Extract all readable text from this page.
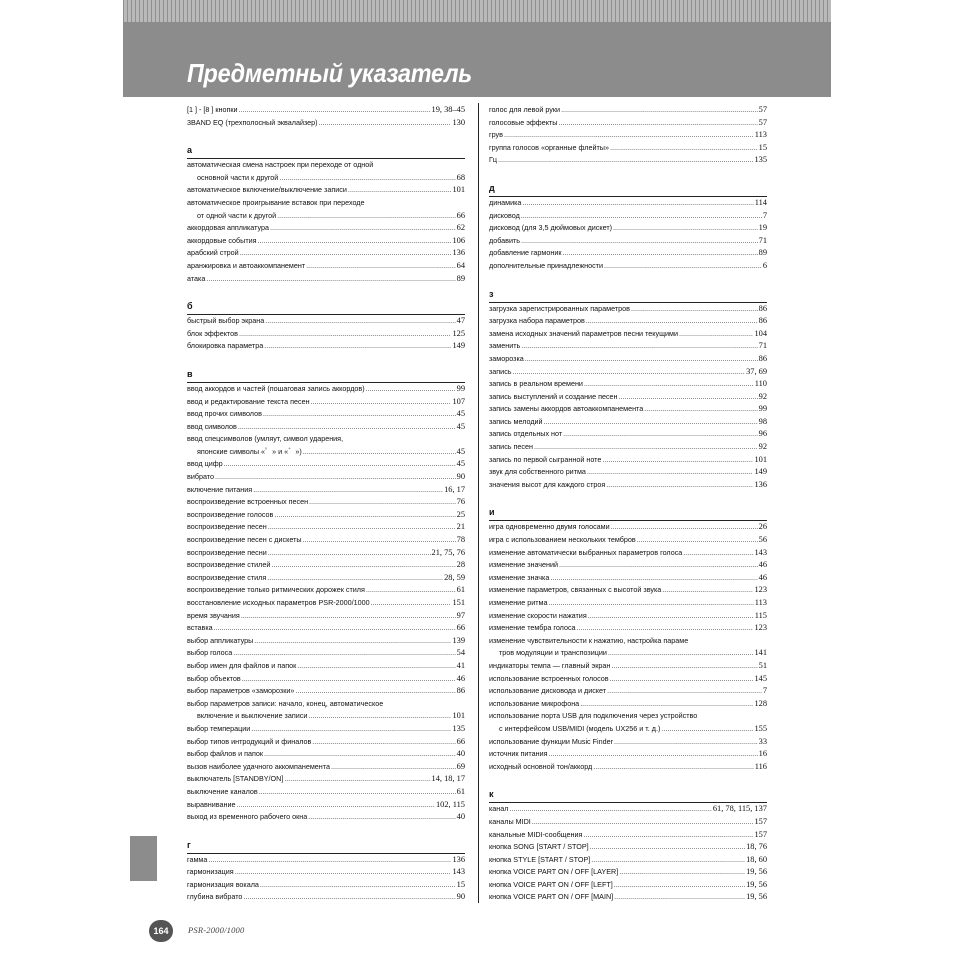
Предметный указатель
[1 ] - [8 ] кнопки .....	19, 38–45
3BAND EQ (трехполосный эквалайзер) .....	130
а
автоматическая смена настроек при переходе от одной
основной части к другой .....	68
автоматическое включение/выключение записи .....	101
автоматическое проигрывание вставок при переходе
от одной части к другой .....	66
аккордовая аппликатура .....	62
аккордовые события .....	106
арабский строй .....	136
аранжировка и автоаккомпанемент .....	64
атака .....	89
б
быстрый выбор экрана .....	47
блок эффектов .....	125
блокировка параметра .....	149
в
ввод аккордов и частей (пошаговая запись аккордов) .....	99
ввод и редактирование текста песен .....	107
ввод прочих символов .....	45
ввод символов .....	45
ввод спецсимволов (умляут, символ ударения,
японские символы «゜» и «゛») .....	45
ввод цифр .....	45
вибрато .....	90
включение питания .....	16, 17
воспроизведение встроенных песен .....	76
воспроизведение голосов .....	25
воспроизведение песен .....	21
воспроизведение песен с дискеты .....	78
воспроизведение песни .....	21, 75, 76
воспроизведение стилей .....	28
воспроизведение стиля .....	28, 59
воспроизведение только ритмических дорожек стиля .....	61
восстановление исходных параметров PSR-2000/1000 .....	151
время звучания .....	97
вставка .....	66
выбор аппликатуры .....	139
выбор голоса .....	54
выбор имен для файлов и папок .....	41
выбор объектов .....	46
выбор параметров «заморозки» .....	86
выбор параметров записи: начало, конец, автоматическое
включение и выключение записи .....	101
выбор темперации .....	135
выбор типов интродукций и финалов .....	66
выбор файлов и папок .....	40
вызов наиболее удачного аккомпанемента .....	69
выключатель [STANDBY/ON] .....	14, 18, 17
выключение каналов .....	61
выравнивание .....	102, 115
выход из временного рабочего окна .....	40
г
гамма .....	136
гармонизация .....	143
гармонизация вокала .....	15
глубина вибрато .....	90
голос для левой руки .....	57
голосовые эффекты .....	57
грув .....	113
группа голосов «органные флейты» .....	15
Гц .....	135
д
динамика .....	114
дисковод .....	7
дисковод (для 3,5 дюймовых дискет) .....	19
добавить .....	71
добавление гармоник .....	89
дополнительные принадлежности .....	6
з
загрузка зарегистрированных параметров .....	86
загрузка набора параметров .....	86
замена исходных значений параметров песни текущими .....	104
заменить .....	71
заморозка .....	86
запись .....	37, 69
запись в реальном времени .....	110
запись выступлений и создание песен .....	92
запись замены аккордов автоаккомпанемента .....	99
запись мелодий .....	98
запись отдельных нот .....	96
запись песен .....	92
запись по первой сыгранной ноте .....	101
звук для собственного ритма .....	149
значения высот для каждого строя .....	136
и
игра одновременно двумя голосами .....	26
игра с использованием нескольких тембров .....	56
изменение автоматически выбранных параметров голоса .....	143
изменение значений .....	46
изменение значка .....	46
изменение параметров, связанных с высотой звука .....	123
изменение ритма .....	113
изменение скорости нажатия .....	115
изменение тембра голоса .....	123
изменение чувствительности к нажатию, настройка параме
тров модуляции и транспозиции .....	141
индикаторы темпа — главный экран .....	51
использование встроенных голосов .....	145
использование дисковода и дискет .....	7
использование микрофона .....	128
использование порта USB для подключения через устройство
с интерфейсом USB/MIDI (модель UX256 и т. д.) .....	155
использование функции Music Finder .....	33
источник питания .....	16
исходный основной тон/аккорд .....	116
к
канал .....	61, 78, 115, 137
каналы MIDI .....	157
канальные MIDI-сообщения .....	157
кнопка SONG [START / STOP] .....	18, 76
кнопка STYLE [START / STOP] .....	18, 60
кнопка VOICE PART ON / OFF [LAYER] .....	19, 56
кнопка VOICE PART ON / OFF [LEFT] .....	19, 56
кнопка VOICE PART ON / OFF [MAIN] .....	19, 56
164	PSR-2000/1000
